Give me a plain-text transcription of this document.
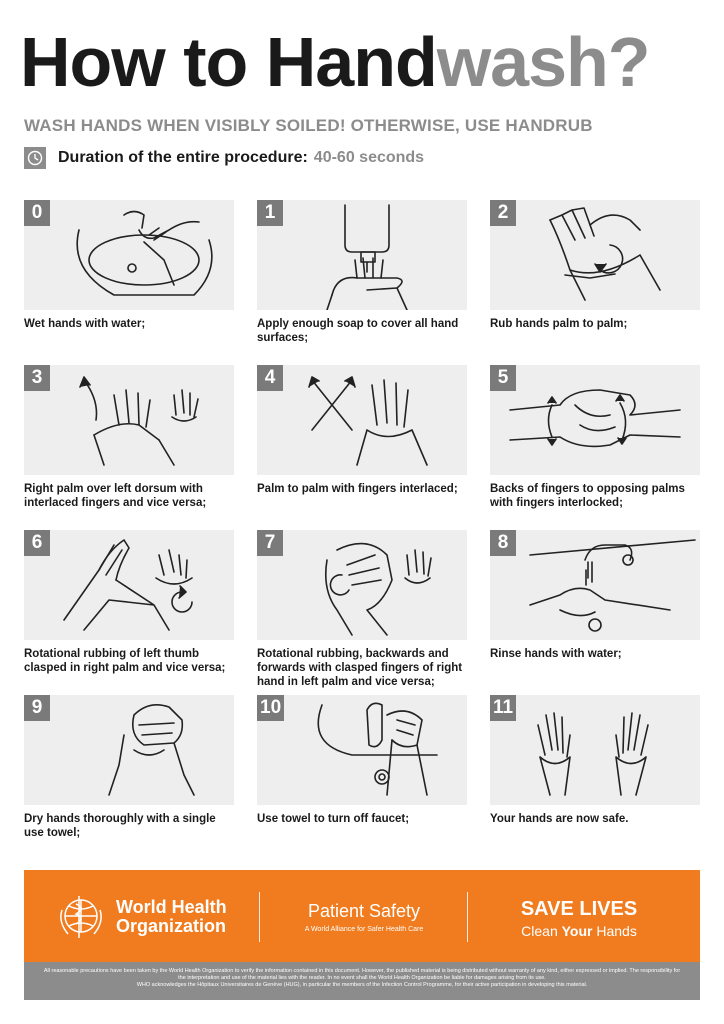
How to Handwash?
WASH HANDS WHEN VISIBLY SOILED! OTHERWISE, USE HANDRUB
Duration of the entire procedure: 40-60 seconds
0
Wet hands with water;
1
Apply enough soap to cover all hand surfaces;
2
Rub hands palm to palm;
3
Right palm over left dorsum with interlaced fingers and vice versa;
4
Palm to palm with fingers interlaced;
5
Backs of fingers to opposing palms with fingers interlocked;
6
Rotational rubbing of left thumb clasped in right palm and vice versa;
7
Rotational rubbing, backwards and forwards with clasped fingers of right hand in left palm and vice versa;
8
Rinse hands with water;
9
Dry hands thoroughly with a single use towel;
10
Use towel to turn off faucet;
11
Your hands are now safe.
World Health
Organization
Patient Safety
A World Alliance for Safer Health Care
SAVE LIVES
Clean Your Hands
All reasonable precautions have been taken by the World Health Organization to verify the information contained in this document. However, the published material is being distributed without warranty of any kind, either expressed or implied. The responsibility for the interpretation and use of the material lies with the reader. In no event shall the World Health Organization be liable for damages arising from its use.
WHO acknowledges the Hôpitaux Universitaires de Genève (HUG), in particular the members of the Infection Control Programme, for their active participation in developing this material.
